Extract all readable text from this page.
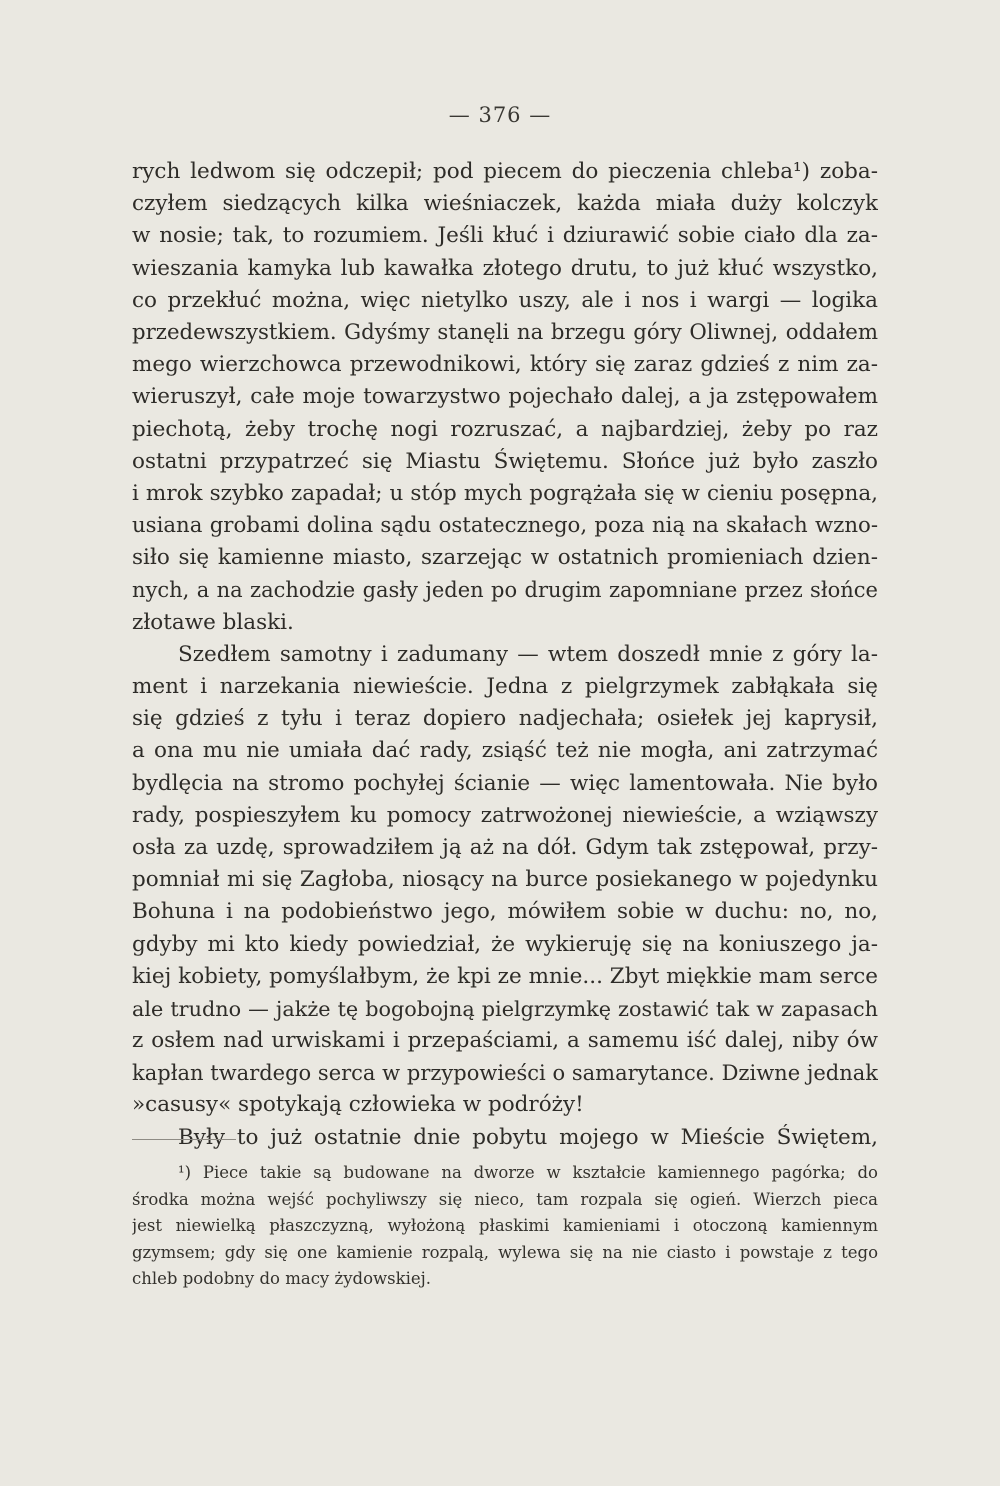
— 376 —
rych ledwom się odczepił; pod piecem do pieczenia chleba¹) zoba-
czyłem siedzących kilka wieśniaczek, każda miała duży kolczyk
w nosie; tak, to rozumiem. Jeśli kłuć i dziurawić sobie ciało dla za-
wieszania kamyka lub kawałka złotego drutu, to już kłuć wszystko,
co przekłuć można, więc nietylko uszy, ale i nos i wargi — logika
przedewszystkiem. Gdyśmy stanęli na brzegu góry Oliwnej, oddałem
mego wierzchowca przewodnikowi, który się zaraz gdzieś z nim za-
wieruszył, całe moje towarzystwo pojechało dalej, a ja zstępowałem
piechotą, żeby trochę nogi rozruszać, a najbardziej, żeby po raz
ostatni przypatrzeć się Miastu Świętemu. Słońce już było zaszło
i mrok szybko zapadał; u stóp mych pogrążała się w cieniu posępna,
usiana grobami dolina sądu ostatecznego, poza nią na skałach wzno-
siło się kamienne miasto, szarzejąc w ostatnich promieniach dzien-
nych, a na zachodzie gasły jeden po drugim zapomniane przez słońce
złotawe blaski.
Szedłem samotny i zadumany — wtem doszedł mnie z góry la-
ment i narzekania niewieście. Jedna z pielgrzymek zabłąkała się
się gdzieś z tyłu i teraz dopiero nadjechała; osiełek jej kaprysił,
a ona mu nie umiała dać rady, zsiąść też nie mogła, ani zatrzymać
bydlęcia na stromo pochyłej ścianie — więc lamentowała. Nie było
rady, pospieszyłem ku pomocy zatrwożonej niewieście, a wziąwszy
osła za uzdę, sprowadziłem ją aż na dół. Gdym tak zstępował, przy-
pomniał mi się Zagłoba, niosący na burce posiekanego w pojedynku
Bohuna i na podobieństwo jego, mówiłem sobie w duchu: no, no,
gdyby mi kto kiedy powiedział, że wykieruję się na koniuszego ja-
kiej kobiety, pomyślałbym, że kpi ze mnie... Zbyt miękkie mam serce
ale trudno — jakże tę bogobojną pielgrzymkę zostawić tak w zapasach
z osłem nad urwiskami i przepaściami, a samemu iść dalej, niby ów
kapłan twardego serca w przypowieści o samarytance. Dziwne jednak
»casusy« spotykają człowieka w podróży!
Były to już ostatnie dnie pobytu mojego w Mieście Świętem,
¹) Piece takie są budowane na dworze w kształcie kamiennego pagórka; do
środka można wejść pochyliwszy się nieco, tam rozpala się ogień. Wierzch pieca
jest niewielką płaszczyzną, wyłożoną płaskimi kamieniami i otoczoną kamiennym
gzymsem; gdy się one kamienie rozpalą, wylewa się na nie ciasto i powstaje z tego
chleb podobny do macy żydowskiej.
